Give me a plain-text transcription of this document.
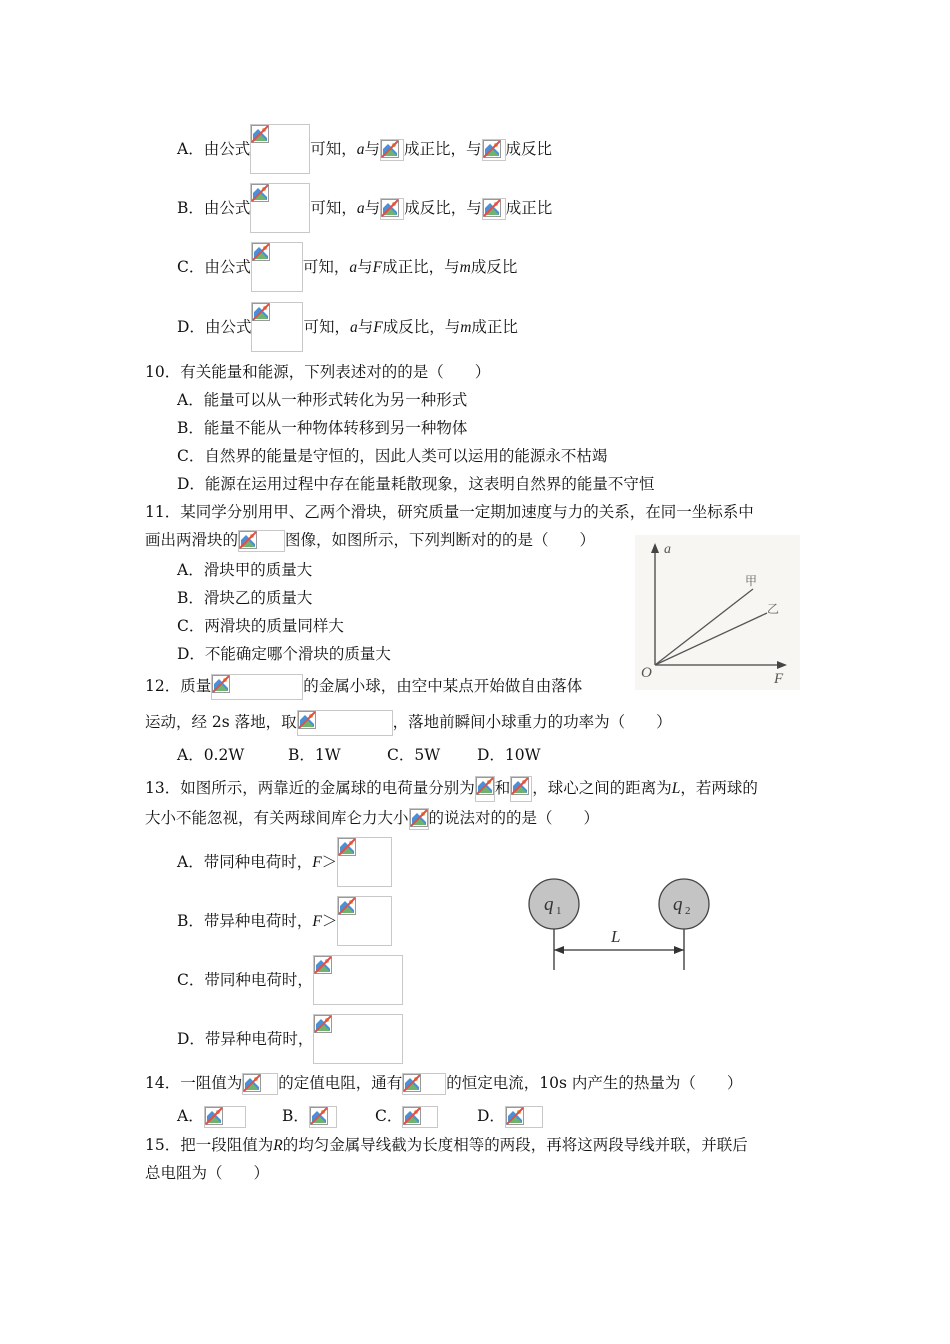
A．由公式	可知，a与 成正比，与 成反比
B．由公式	可知，a与 成反比，与 成正比
C．由公式	可知，a与F成正比，与m成反比
D．由公式	可知，a与F成反比，与m成正比
10．有关能量和能源，下列表述对的的是（　　）
A．能量可以从一种形式转化为另一种形式
B．能量不能从一种物体转移到另一种物体
C．自然界的能量是守恒的，因此人类可以运用的能源永不枯竭
D．能源在运用过程中存在能量耗散现象，这表明自然界的能量不守恒
11．某同学分别用甲、乙两个滑块，研究质量一定期加速度与力的关系，在同一坐标系中
画出两滑块的	图像，如图所示，下列判断对的的是（　　）
A．滑块甲的质量大
B．滑块乙的质量大
C．两滑块的质量同样大
D．不能确定哪个滑块的质量大
a
F
O
甲
乙
12．质量	的金属小球，由空中某点开始做自由落体
运动，经 2s 落地，取	，落地前瞬间小球重力的功率为（　　）
A．0.2W	B．1W	C．5W D．10W
13．如图所示，两靠近的金属球的电荷量分别为 和 ，球心之间的距离为L，若两球的
大小不能忽视，有关两球间库仑力大小 的说法对的的是（　　）
A．带同种电荷时，F＞
B．带异种电荷时，F＞
C．带同种电荷时，
D．带异种电荷时，
q 1	q 2
L
14．一阻值为 的定值电阻，通有	的恒定电流，10s 内产生的热量为（　　）
A．	B．	C．	D．
15．把一段阻值为R的均匀金属导线截为长度相等的两段，再将这两段导线并联，并联后
总电阻为（　　）
